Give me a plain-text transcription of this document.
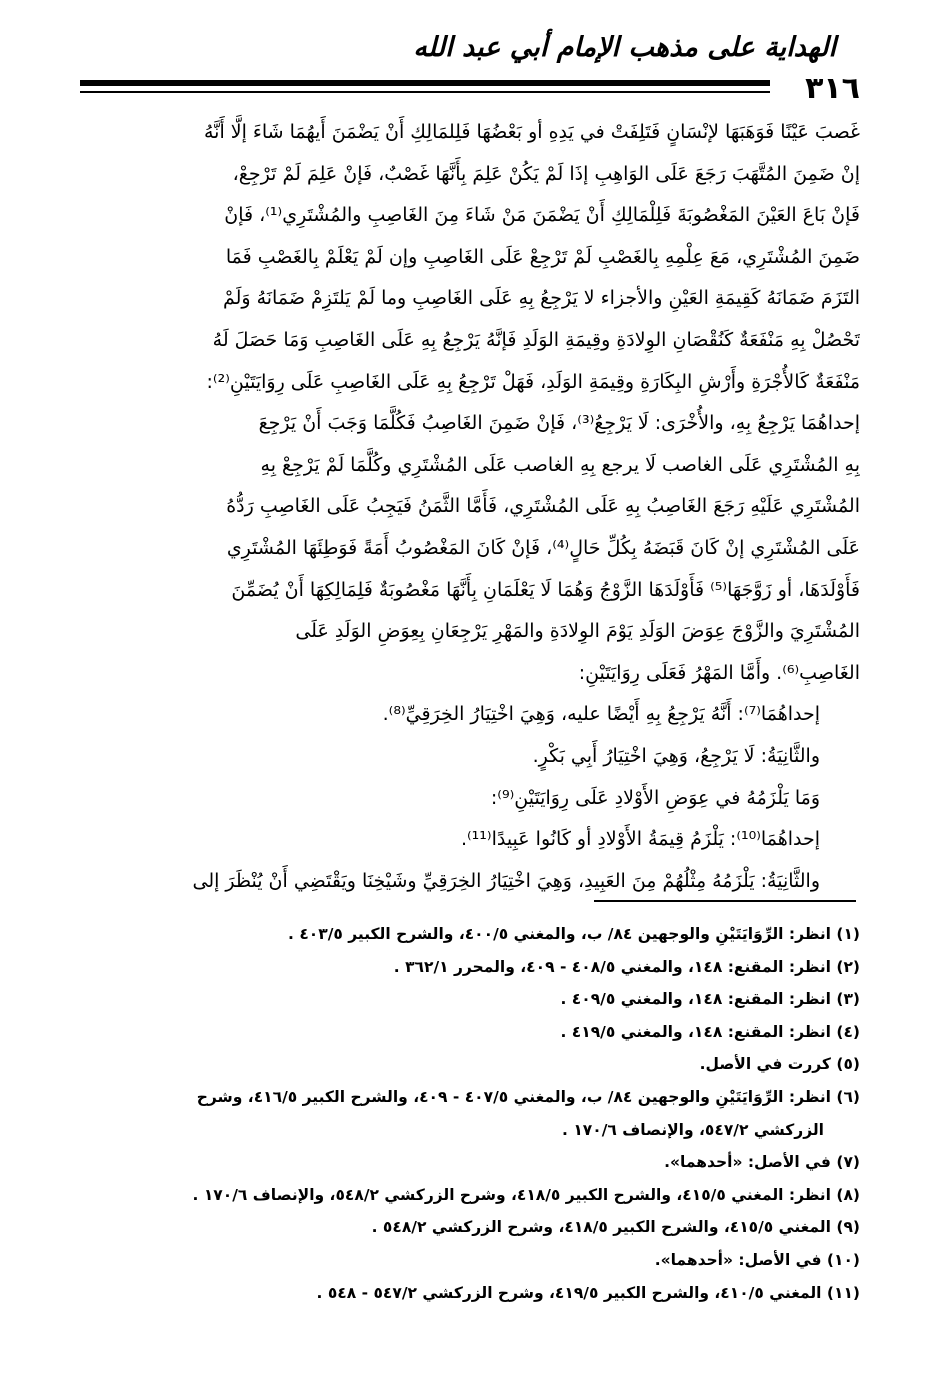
الهداية على مذهب الإمام أبي عبد الله
٣١٦
غَصبَ عَيْنًا فَوَهَبَهَا لإنْسَانٍ فَتَلِفَتْ في يَدِهِ أو بَعْضُهَا فَلِلمَالِكِ أَنْ يَضْمَنَ أَيهُمَا شَاءَ إلَّا أَنَّهُ
إنْ ضَمِنَ المُتَّهَبَ رَجَعَ عَلَى الوَاهِبِ إذَا لَمْ يَكُنْ عَلِمَ بِأَنَّهَا غَصْبٌ، فَإنْ عَلِمَ لَمْ تَرْجِعْ،
فَإنْ بَاعَ العَيْنَ المَغْصُوبَةَ فَلِلْمَالِكِ أَنْ يَضْمَنَ مَنْ شَاءَ مِنَ الغَاصِبِ والمُشْتَرِي⁽¹⁾، فَإنْ
ضَمِنَ المُشْتَرِي، مَعَ عِلْمِهِ بِالغَصْبِ لَمْ تَرْجِعْ عَلَى الغَاصِبِ وإن لَمْ يَعْلَمْ بِالغَصْبِ فَمَا
التَزَمَ ضَمَانَهُ كَقِيمَةِ العَيْنِ والأجزاء لا يَرْجِعُ بِهِ عَلَى الغَاصِبِ وما لَمْ يَلتَزِمْ ضَمَانَهُ وَلَمْ
تَحْصُلْ بِهِ مَنْفَعَةٌ كَنُقْصَانِ الوِلادَةِ وقِيمَةِ الوَلَدِ فَإنَّهُ يَرْجِعُ بِهِ عَلَى الغَاصِبِ وَمَا حَصَلَ لَهُ
مَنْفَعَةٌ كَالأُجْرَةِ وأَرْشِ البِكَارَةِ وقِيمَةِ الوَلَدِ، فَهَلْ تَرْجِعُ بِهِ عَلَى الغَاصِبِ عَلَى رِوَايَتَيْنِ⁽²⁾:
إحداهُمَا يَرْجِعُ بِهِ، والأُخْرَى: لَا يَرْجِعُ⁽³⁾، فَإنْ ضَمِنَ الغَاصِبُ فَكُلَّمَا وَجَبَ أَنْ يَرْجِعَ
بِهِ المُشْتَرِي عَلَى الغاصب لَا يرجع بِهِ الغاصب عَلَى المُشْتَرِي وكُلَّمَا لَمْ يَرْجِعْ بِهِ
المُشْتَرِي عَلَيْهِ رَجَعَ الغَاصِبُ بِهِ عَلَى المُشْتَرِي، فَأَمَّا الثَّمَنُ فَيَجِبُ عَلَى الغَاصِبِ رَدُّهُ
عَلَى المُشْتَرِي إنْ كَانَ قَبَضَهُ بِكُلِّ حَالٍ⁽⁴⁾، فَإنْ كَانَ المَغْصُوبُ أَمَةً فَوَطِئَهَا المُشْتَرِي
فَأَوْلَدَهَا، أو زَوَّجَهَا⁽⁵⁾ فَأَوْلَدَهَا الزَّوْجُ وَهُمَا لَا يَعْلَمَانِ بِأَنَّهَا مَغْصُوبَةٌ فَلِمَالِكِهَا أَنْ يُضَمِّنَ
المُشْتَرِيَ والزَّوْجَ عِوَضَ الوَلَدِ يَوْمَ الوِلادَةِ والمَهْرِ يَرْجِعَانِ بِعِوَضِ الوَلَدِ عَلَى
الغَاصِبِ⁽⁶⁾. وأَمَّا المَهْرُ فَعَلَى رِوَايَتَيْنِ:
إحداهُمَا⁽⁷⁾: أَنَّهُ يَرْجِعُ بِهِ أَيْضًا عليه، وَهِيَ اخْتِيَارُ الخِرَقِيِّ⁽⁸⁾.
والثَّانِيَةُ: لَا يَرْجِعُ، وَهِيَ اخْتِيَارُ أَبِي بَكْرٍ.
وَمَا يَلْزَمُهُ في عِوَضِ الأَوْلادِ عَلَى رِوَايَتَيْنِ⁽⁹⁾:
إحداهُمَا⁽¹⁰⁾: يَلْزَمُ قِيمَةُ الأَوْلادِ أو كَانُوا عَبِيدًا⁽¹¹⁾.
والثَّانِيَةُ: يَلْزَمُهُ مِثْلُهُمْ مِنَ العَبِيدِ، وَهِيَ اخْتِيَارُ الخِرَقِيِّ وشَيْخِنَا ويَقْتَضِي أَنْ يُنْظَرَ إلى
(١) انظر: الرِّوَايَتَيْنِ والوجهين ٨٤/ ب، والمغني ٤٠٠/٥، والشرح الكبير ٤٠٣/٥ .
(٢) انظر: المقنع: ١٤٨، والمغني ٤٠٨/٥ - ٤٠٩، والمحرر ٣٦٢/١ .
(٣) انظر: المقنع: ١٤٨، والمغني ٤٠٩/٥ .
(٤) انظر: المقنع: ١٤٨، والمغني ٤١٩/٥ .
(٥) كررت في الأصل.
(٦) انظر: الرِّوَايَتَيْنِ والوجهين ٨٤/ ب، والمغني ٤٠٧/٥ - ٤٠٩، والشرح الكبير ٤١٦/٥، وشرح
الزركشي ٥٤٧/٢، والإنصاف ١٧٠/٦ .
(٧) في الأصل: «أحدهما».
(٨) انظر: المغني ٤١٥/٥، والشرح الكبير ٤١٨/٥، وشرح الزركشي ٥٤٨/٢، والإنصاف ١٧٠/٦ .
(٩) المغني ٤١٥/٥، والشرح الكبير ٤١٨/٥، وشرح الزركشي ٥٤٨/٢ .
(١٠) في الأصل: «أحدهما».
(١١) المغني ٤١٠/٥، والشرح الكبير ٤١٩/٥، وشرح الزركشي ٥٤٧/٢ - ٥٤٨ .
